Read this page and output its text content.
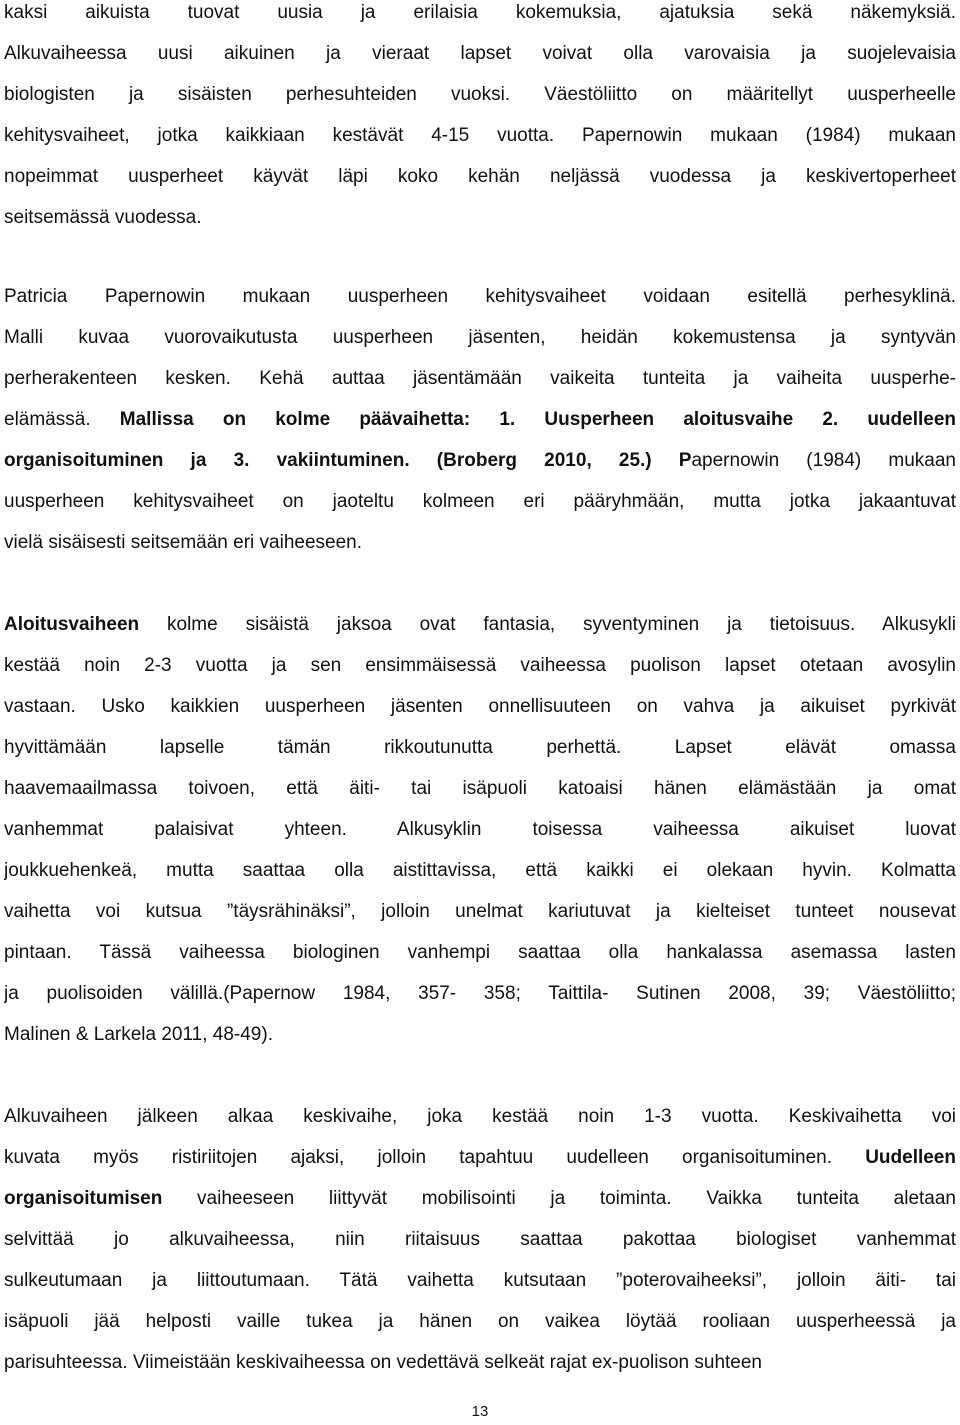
kaksi aikuista tuovat uusia ja erilaisia kokemuksia, ajatuksia sekä näkemyksiä.
Alkuvaiheessa uusi aikuinen ja vieraat lapset voivat olla varovaisia ja suojelevaisia
biologisten ja sisäisten perhesuhteiden vuoksi. Väestöliitto on määritellyt uusperheelle
kehitysvaiheet, jotka kaikkiaan kestävät 4-15 vuotta. Papernowin mukaan (1984) mukaan
nopeimmat uusperheet käyvät läpi koko kehän neljässä vuodessa ja keskivertoperheet
seitsemässä vuodessa.
Patricia Papernowin mukaan uusperheen kehitysvaiheet voidaan esitellä perhesyklinä.
Malli kuvaa vuorovaikutusta uusperheen jäsenten, heidän kokemustensa ja syntyvän
perherakenteen kesken. Kehä auttaa jäsentämään vaikeita tunteita ja vaiheita uusperhe-
elämässä. Mallissa on kolme päävaihetta: 1. Uusperheen aloitusvaihe 2. uudelleen
organisoituminen ja 3. vakiintuminen. (Broberg 2010, 25.) Papernowin (1984) mukaan
uusperheen kehitysvaiheet on jaoteltu kolmeen eri pääryhmään, mutta jotka jakaantuvat
vielä sisäisesti seitsemään eri vaiheeseen.
Aloitusvaiheen kolme sisäistä jaksoa ovat fantasia, syventyminen ja tietoisuus. Alkusykli
kestää noin 2-3 vuotta ja sen ensimmäisessä vaiheessa puolison lapset otetaan avosylin
vastaan. Usko kaikkien uusperheen jäsenten onnellisuuteen on vahva ja aikuiset pyrkivät
hyvittämään lapselle tämän rikkoutunutta perhettä. Lapset elävät omassa
haavemaailmassa toivoen, että äiti- tai isäpuoli katoaisi hänen elämästään ja omat
vanhemmat palaisivat yhteen. Alkusyklin toisessa vaiheessa aikuiset luovat
joukkuehenkeä, mutta saattaa olla aistittavissa, että kaikki ei olekaan hyvin. Kolmatta
vaihetta voi kutsua ”täysrähinäksi”, jolloin unelmat kariutuvat ja kielteiset tunteet nousevat
pintaan. Tässä vaiheessa biologinen vanhempi saattaa olla hankalassa asemassa lasten
ja puolisoiden välillä.(Papernow 1984, 357- 358; Taittila- Sutinen 2008, 39; Väestöliitto;
Malinen & Larkela 2011, 48-49).
Alkuvaiheen jälkeen alkaa keskivaihe, joka kestää noin 1-3 vuotta. Keskivaihetta voi
kuvata myös ristiriitojen ajaksi, jolloin tapahtuu uudelleen organisoituminen. Uudelleen
organisoitumisen vaiheeseen liittyvät mobilisointi ja toiminta. Vaikka tunteita aletaan
selvittää jo alkuvaiheessa, niin riitaisuus saattaa pakottaa biologiset vanhemmat
sulkeutumaan ja liittoutumaan. Tätä vaihetta kutsutaan ”poterovaiheeksi”, jolloin äiti- tai
isäpuoli jää helposti vaille tukea ja hänen on vaikea löytää rooliaan uusperheessä ja
parisuhteessa. Viimeistään keskivaiheessa on vedettävä selkeät rajat ex-puolison suhteen
13
